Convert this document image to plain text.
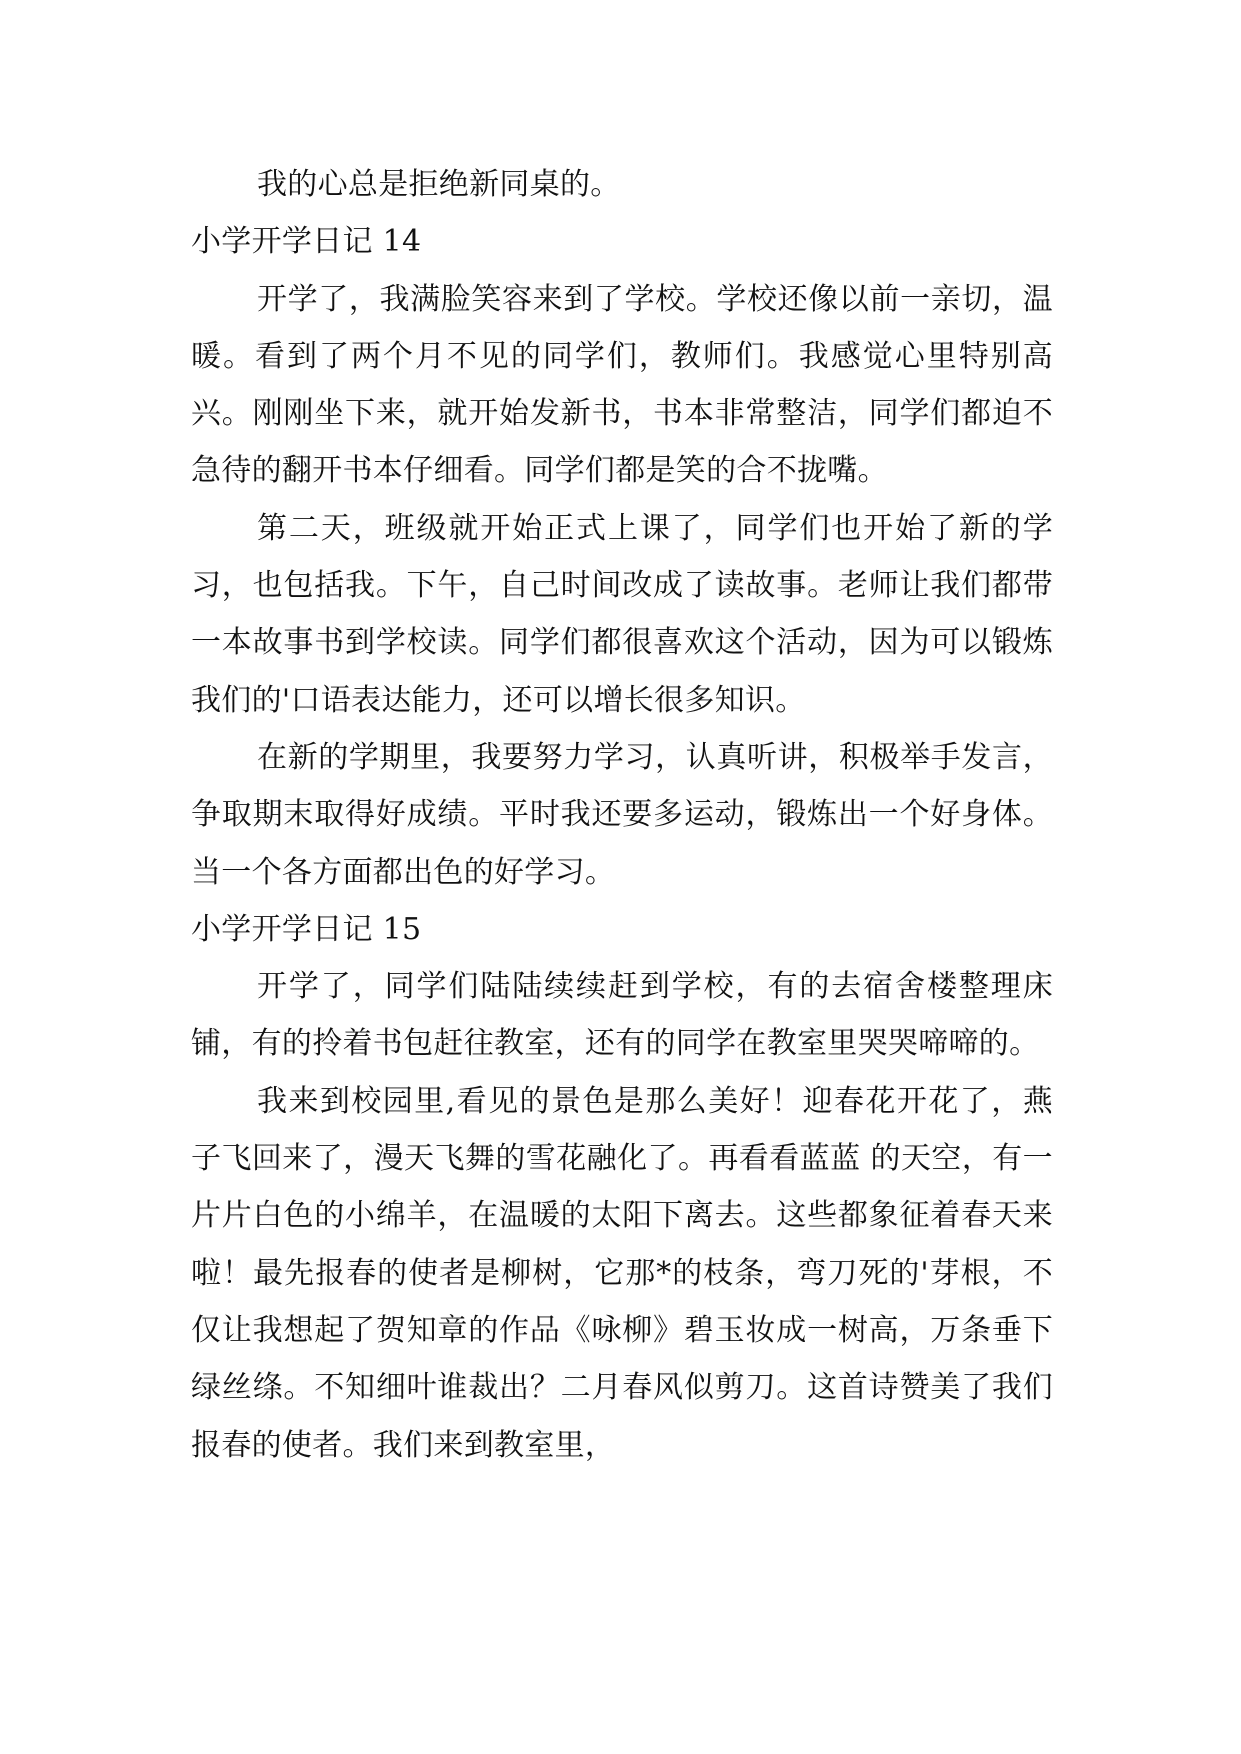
我的心总是拒绝新同桌的。

小学开学日记 14

开学了，我满脸笑容来到了学校。学校还像以前一亲切，温暖。看到了两个月不见的同学们，教师们。我感觉心里特别高兴。刚刚坐下来，就开始发新书，书本非常整洁，同学们都迫不急待的翻开书本仔细看。同学们都是笑的合不拢嘴。

第二天，班级就开始正式上课了，同学们也开始了新的学习，也包括我。下午，自己时间改成了读故事。老师让我们都带一本故事书到学校读。同学们都很喜欢这个活动，因为可以锻炼我们的'口语表达能力，还可以增长很多知识。

在新的学期里，我要努力学习，认真听讲，积极举手发言，争取期末取得好成绩。平时我还要多运动，锻炼出一个好身体。当一个各方面都出色的好学习。

小学开学日记 15

开学了，同学们陆陆续续赶到学校，有的去宿舍楼整理床铺，有的拎着书包赶往教室，还有的同学在教室里哭哭啼啼的。

我来到校园里,看见的景色是那么美好！迎春花开花了，燕子飞回来了，漫天飞舞的雪花融化了。再看看蓝蓝 的天空，有一片片白色的小绵羊，在温暖的太阳下离去。这些都象征着春天来啦！最先报春的使者是柳树，它那*的枝条，弯刀死的'芽根，不仅让我想起了贺知章的作品《咏柳》碧玉妆成一树高，万条垂下绿丝绦。不知细叶谁裁出？二月春风似剪刀。这首诗赞美了我们报春的使者。我们来到教室里，
